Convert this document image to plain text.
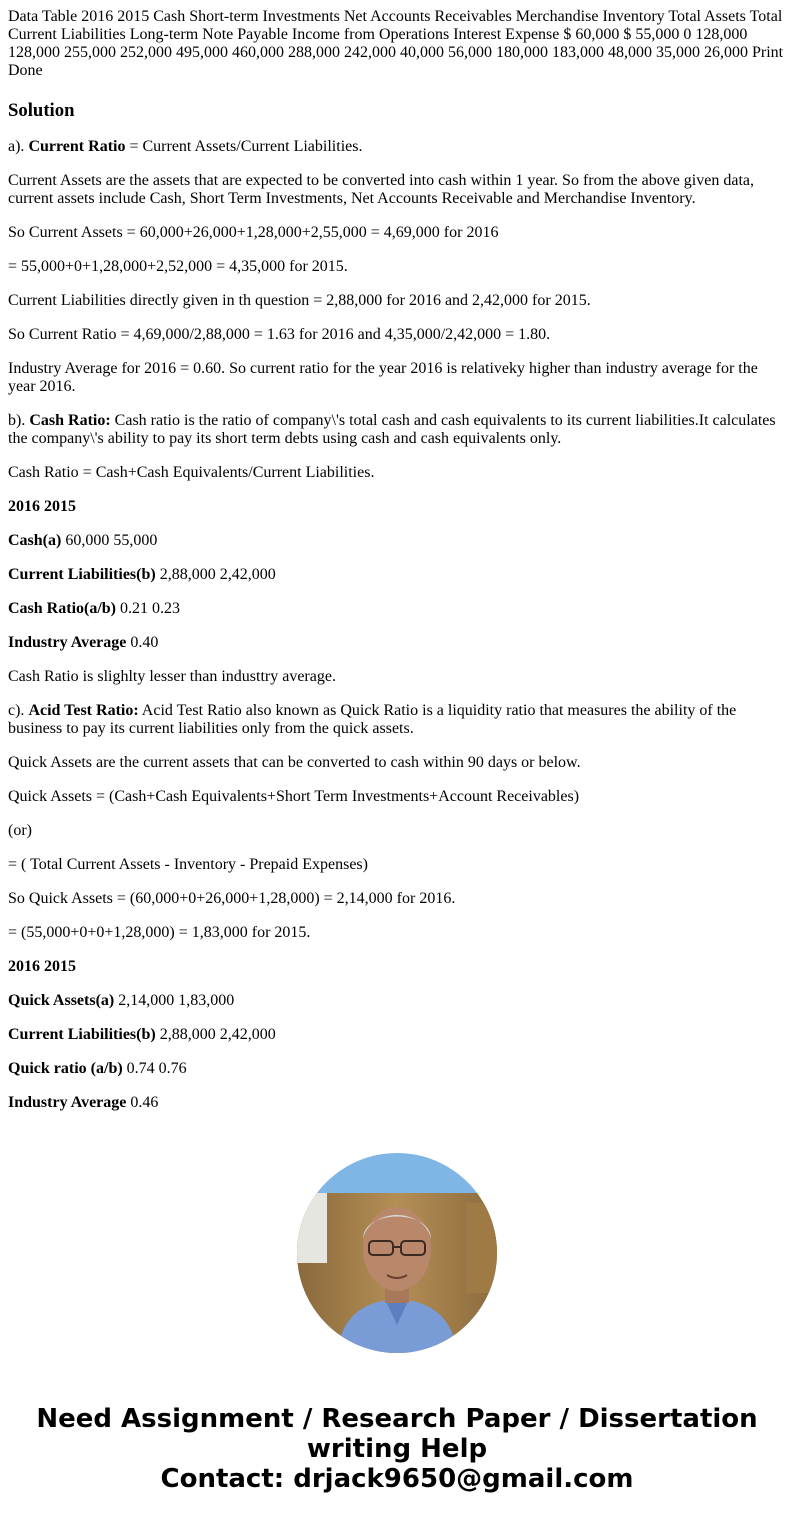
Data Table 2016 2015 Cash Short-term Investments Net Accounts Receivables Merchandise Inventory Total Assets Total Current Liabilities Long-term Note Payable Income from Operations Interest Expense $ 60,000 $ 55,000 0 128,000 128,000 255,000 252,000 495,000 460,000 288,000 242,000 40,000 56,000 180,000 183,000 48,000 35,000 26,000 Print Done
Solution

a). Current Ratio = Current Assets/Current Liabilities.

Current Assets are the assets that are expected to be converted into cash within 1 year. So from the above given data, current assets include Cash, Short Term Investments, Net Accounts Receivable and Merchandise Inventory.

So Current Assets = 60,000+26,000+1,28,000+2,55,000 = 4,69,000 for 2016

= 55,000+0+1,28,000+2,52,000 = 4,35,000 for 2015.

Current Liabilities directly given in th question = 2,88,000 for 2016 and 2,42,000 for 2015.

So Current Ratio = 4,69,000/2,88,000 = 1.63 for 2016 and 4,35,000/2,42,000 = 1.80.

Industry Average for 2016 = 0.60. So current ratio for the year 2016 is relativeky higher than industry average for the year 2016.

b). Cash Ratio: Cash ratio is the ratio of company\'s total cash and cash equivalents to its current liabilities.It calculates the company\'s ability to pay its short term debts using cash and cash equivalents only.

Cash Ratio = Cash+Cash Equivalents/Current Liabilities.

2016 2015

Cash(a) 60,000 55,000

Current Liabilities(b) 2,88,000 2,42,000

Cash Ratio(a/b) 0.21 0.23

Industry Average 0.40

Cash Ratio is slighlty lesser than industtry average.

c). Acid Test Ratio: Acid Test Ratio also known as Quick Ratio is a liquidity ratio that measures the ability of the business to pay its current liabilities only from the quick assets.

Quick Assets are the current assets that can be converted to cash within 90 days or below.

Quick Assets = (Cash+Cash Equivalents+Short Term Investments+Account Receivables)

(or)

= ( Total Current Assets - Inventory - Prepaid Expenses)

So Quick Assets = (60,000+0+26,000+1,28,000) = 2,14,000 for 2016.

= (55,000+0+0+1,28,000) = 1,83,000 for 2015.

2016 2015

Quick Assets(a) 2,14,000 1,83,000

Current Liabilities(b) 2,88,000 2,42,000

Quick ratio (a/b) 0.74 0.76

Industry Average 0.46

Need Assignment / Research Paper / Dissertation
writing Help
Contact: drjack9650@gmail.com
